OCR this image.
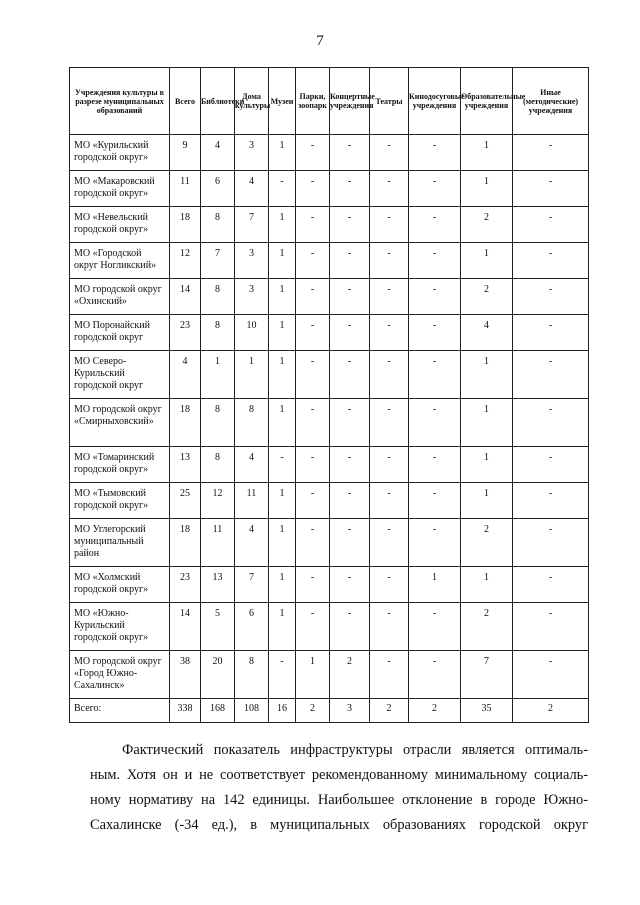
7
Учреждения культуры в разрезе муниципальных образований	Всего	Библиотеки	Дома культуры	Музеи	Парки, зоопарк	Концертные учреждения	Театры	Кинодосуговые учреждения	Образовательные учреждения	Иные (методические) учреждения
МО «Курильский городской округ»	9	4	3	1	-	-	-	-	1	-
МО «Макаровский городской округ»	11	6	4	-	-	-	-	-	1	-
МО «Невельский городской округ»	18	8	7	1	-	-	-	-	2	-
МО «Городской округ Ногликский»	12	7	3	1	-	-	-	-	1	-
МО городской округ «Охинский»	14	8	3	1	-	-	-	-	2	-
МО Поронайский городской округ	23	8	10	1	-	-	-	-	4	-
МО Северо-Курильский городской округ	4	1	1	1	-	-	-	-	1	-
МО городской округ «Смирныховский»	18	8	8	1	-	-	-	-	1	-
МО «Томаринский городской округ»	13	8	4	-	-	-	-	-	1	-
МО «Тымовский городской округ»	25	12	11	1	-	-	-	-	1	-
МО Углегорский муниципальный район	18	11	4	1	-	-	-	-	2	-
МО «Холмский городской округ»	23	13	7	1	-	-	-	1	1	-
МО «Южно-Курильский городской округ»	14	5	6	1	-	-	-	-	2	-
МО городской округ «Город Южно-Сахалинск»	38	20	8	-	1	2	-	-	7	-
Всего:	338	168	108	16	2	3	2	2	35	2
Фактический показатель инфраструктуры отрасли является оптималь-
ным. Хотя он и не соответствует рекомендованному минимальному социаль-
ному нормативу на 142 единицы. Наибольшее отклонение в городе Южно-
Сахалинске (-34 ед.), в муниципальных образованиях городской округ
